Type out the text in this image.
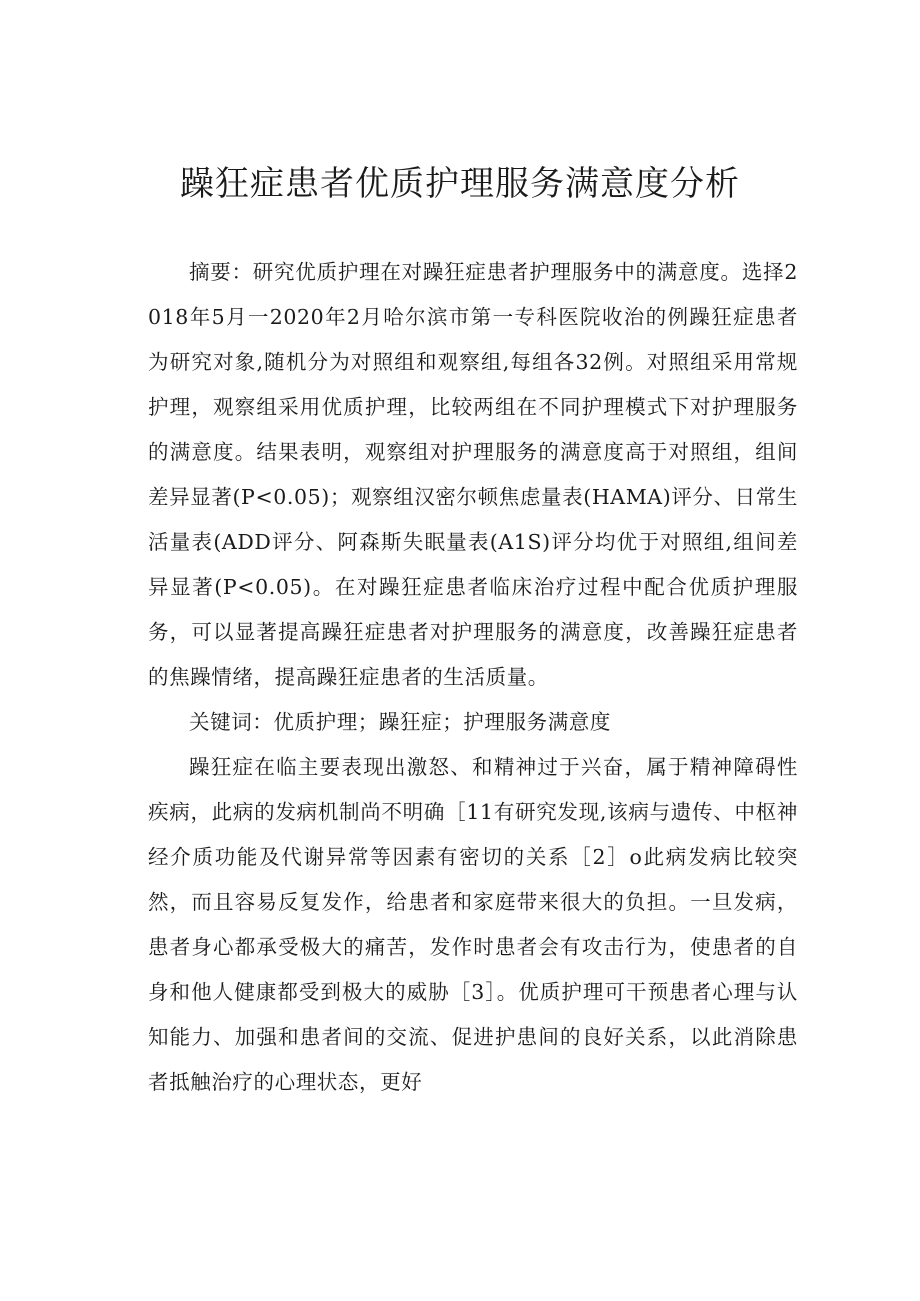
躁狂症患者优质护理服务满意度分析

摘要：研究优质护理在对躁狂症患者护理服务中的满意度。选择2018年5月一2020年2月哈尔滨市第一专科医院收治的例躁狂症患者为研究对象,随机分为对照组和观察组,每组各32例。对照组采用常规护理，观察组采用优质护理，比较两组在不同护理模式下对护理服务的满意度。结果表明，观察组对护理服务的满意度高于对照组，组间差异显著(P<0.05)；观察组汉密尔顿焦虑量表(HAMA)评分、日常生活量表(ADD评分、阿森斯失眠量表(A1S)评分均优于对照组,组间差异显著(P<0.05)。在对躁狂症患者临床治疗过程中配合优质护理服务，可以显著提高躁狂症患者对护理服务的满意度，改善躁狂症患者的焦躁情绪，提高躁狂症患者的生活质量。

关键词：优质护理；躁狂症；护理服务满意度

躁狂症在临主要表现出激怒、和精神过于兴奋，属于精神障碍性疾病，此病的发病机制尚不明确［11有研究发现,该病与遗传、中枢神经介质功能及代谢异常等因素有密切的关系［2］o此病发病比较突然，而且容易反复发作，给患者和家庭带来很大的负担。一旦发病，患者身心都承受极大的痛苦，发作时患者会有攻击行为，使患者的自身和他人健康都受到极大的威胁［3］。优质护理可干预患者心理与认知能力、加强和患者间的交流、促进护患间的良好关系，以此消除患者抵触治疗的心理状态，更好
